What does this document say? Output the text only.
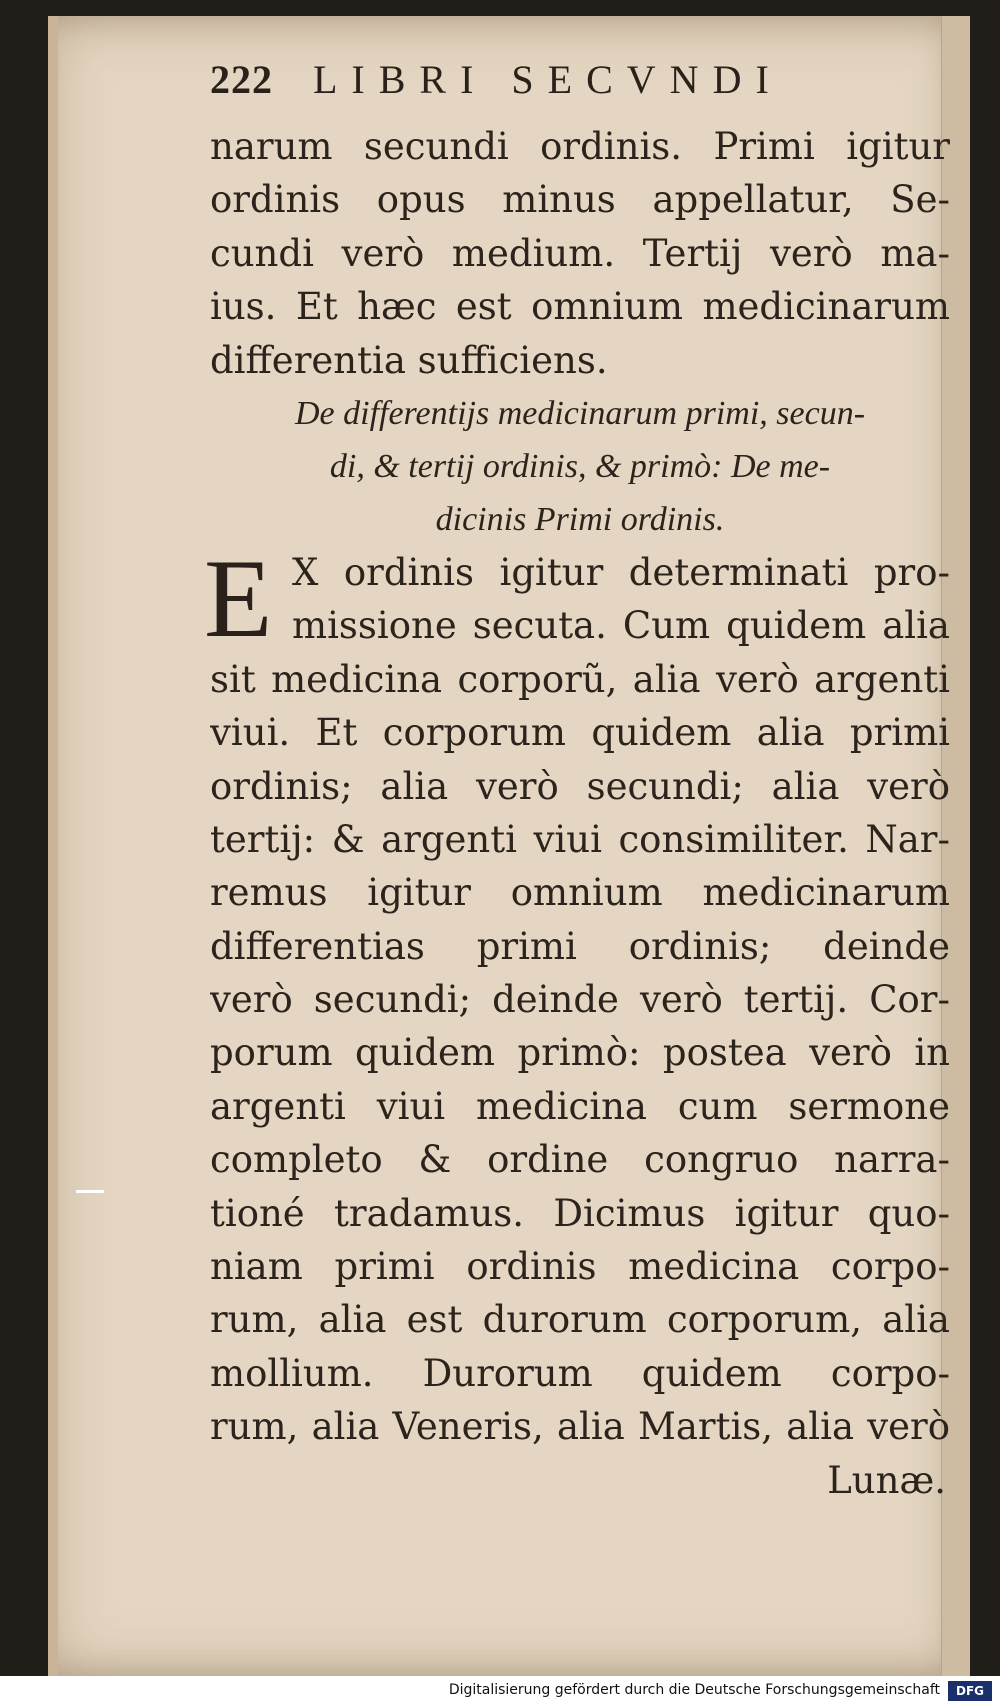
222 LIBRI SECVNDI
narum secundi ordinis. Primi igitur
ordinis opus minus appellatur, Se-
cundi verò medium. Tertij verò ma-
ius. Et hæc est omnium medicinarum
differentia sufficiens.
De differentijs medicinarum primi, secun-
di, & tertij ordinis, & primò: De me-
dicinis Primi ordinis.
E X ordinis igitur determinati pro-
missione secuta. Cum quidem alia
sit medicina corporũ, alia verò argenti
viui. Et corporum quidem alia primi
ordinis; alia verò secundi; alia verò
tertij: & argenti viui consimiliter. Nar-
remus igitur omnium medicinarum
differentias primi ordinis; deinde
verò secundi; deinde verò tertij. Cor-
porum quidem primò: postea verò in
argenti viui medicina cum sermone
completo & ordine congruo narra-
tioné tradamus. Dicimus igitur quo-
niam primi ordinis medicina corpo-
rum, alia est durorum corporum, alia
mollium. Durorum quidem corpo-
rum, alia Veneris, alia Martis, alia verò
Lunæ.
Digitalisierung gefördert durch die Deutsche Forschungsgemeinschaft	DFG
